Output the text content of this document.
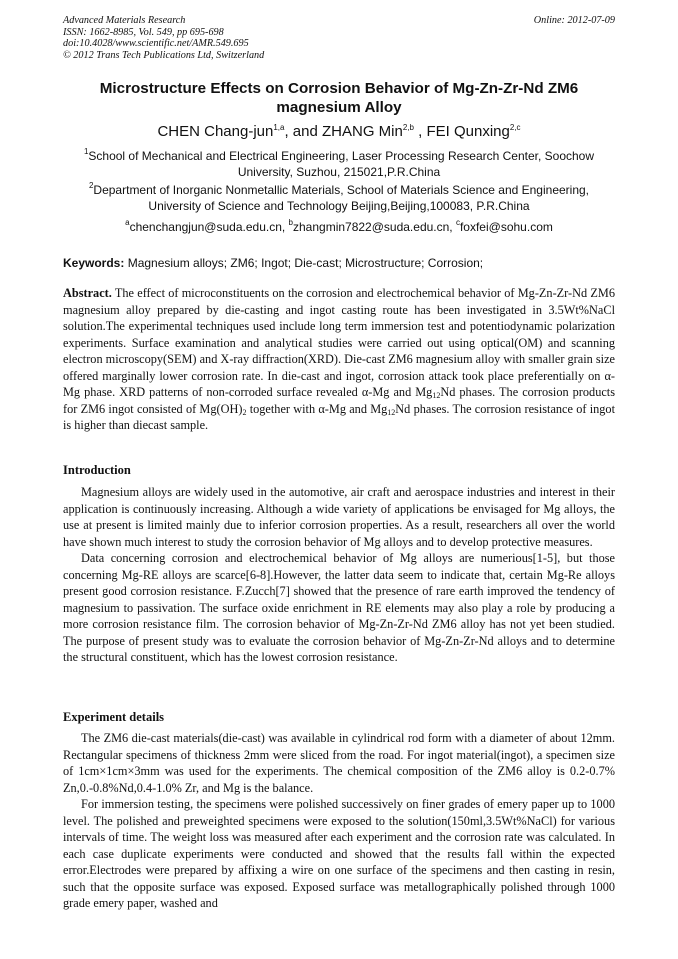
Advanced Materials Research
ISSN: 1662-8985, Vol. 549, pp 695-698
doi:10.4028/www.scientific.net/AMR.549.695
© 2012 Trans Tech Publications Ltd, Switzerland
Online: 2012-07-09
Microstructure Effects on Corrosion Behavior of Mg-Zn-Zr-Nd ZM6 magnesium Alloy
CHEN Chang-jun$^{1,a}$, and ZHANG Min$^{2,b}$ , FEI Qunxing$^{2,c}$
$^1$School of Mechanical and Electrical Engineering, Laser Processing Research Center, Soochow University, Suzhou, 215021,P.R.China
$^2$Department of Inorganic Nonmetallic Materials, School of Materials Science and Engineering, University of Science and Technology Beijing,Beijing,100083, P.R.China
$^a$chenchangjun@suda.edu.cn, $^b$zhangmin7822@suda.edu.cn, $^c$foxfei@sohu.com
Keywords: Magnesium alloys; ZM6; Ingot; Die-cast; Microstructure; Corrosion;
Abstract. The effect of microconstituents on the corrosion and electrochemical behavior of Mg-Zn-Zr-Nd ZM6 magnesium alloy prepared by die-casting and ingot casting route has been investigated in 3.5Wt%NaCl solution.The experimental techniques used include long term immersion test and potentiodynamic polarization experiments. Surface examination and analytical studies were carried out using optical(OM) and scanning electron microscopy(SEM) and X-ray diffraction(XRD). Die-cast ZM6 magnesium alloy with smaller grain size offered marginally lower corrosion rate. In die-cast and ingot, corrosion attack took place preferentially on α-Mg phase. XRD patterns of non-corroded surface revealed α-Mg and $Mg_{12}Nd$ phases. The corrosion products for ZM6 ingot consisted of $Mg(OH)_2$ together with α-Mg and $Mg_{12}Nd$ phases. The corrosion resistance of ingot is higher than diecast sample.
Introduction

Magnesium alloys are widely used in the automotive, air craft and aerospace industries and interest in their application is continuously increasing. Although a wide variety of applications be envisaged for Mg alloys, the use at present is limited mainly due to inferior corrosion properties. As a result, researchers all over the world have shown much interest to study the corrosion behavior of Mg alloys and to develop protective measures.

Data concerning corrosion and electrochemical behavior of Mg alloys are numerious[1-5], but those concerning Mg-RE alloys are scarce[6-8].However, the latter data seem to indicate that, certain Mg-Re alloys present good corrosion resistance. F.Zucch[7] showed that the presence of rare earth improved the tendency of magnesium to passivation. The surface oxide enrichment in RE elements may also play a role by producing a more corrosion resistance film. The corrosion behavior of Mg-Zn-Zr-Nd ZM6 alloy has not yet been studied. The purpose of present study was to evaluate the corrosion behavior of Mg-Zn-Zr-Nd alloys and to determine the structural constituent, which has the lowest corrosion resistance.

Experiment details

The ZM6 die-cast materials(die-cast) was available in cylindrical rod form with a diameter of about 12mm. Rectangular specimens of thickness 2mm were sliced from the road. For ingot material(ingot), a specimen size of 1cm×1cm×3mm was used for the experiments. The chemical composition of the ZM6 alloy is 0.2-0.7% Zn,0.-0.8%Nd,0.4-1.0% Zr, and Mg is the balance.

For immersion testing, the specimens were polished successively on finer grades of emery paper up to 1000 level. The polished and preweighted specimens were exposed to the solution(150ml,3.5Wt%NaCl) for various intervals of time. The weight loss was measured after each experiment and the corrosion rate was calculated. In each case duplicate experiments were conducted and showed that the results fall within the expected error.Electrodes were prepared by affixing a wire on one surface of the specimens and then casting in resin, such that the opposite surface was exposed. Exposed surface was metallographically polished through 1000 grade emery paper, washed and
